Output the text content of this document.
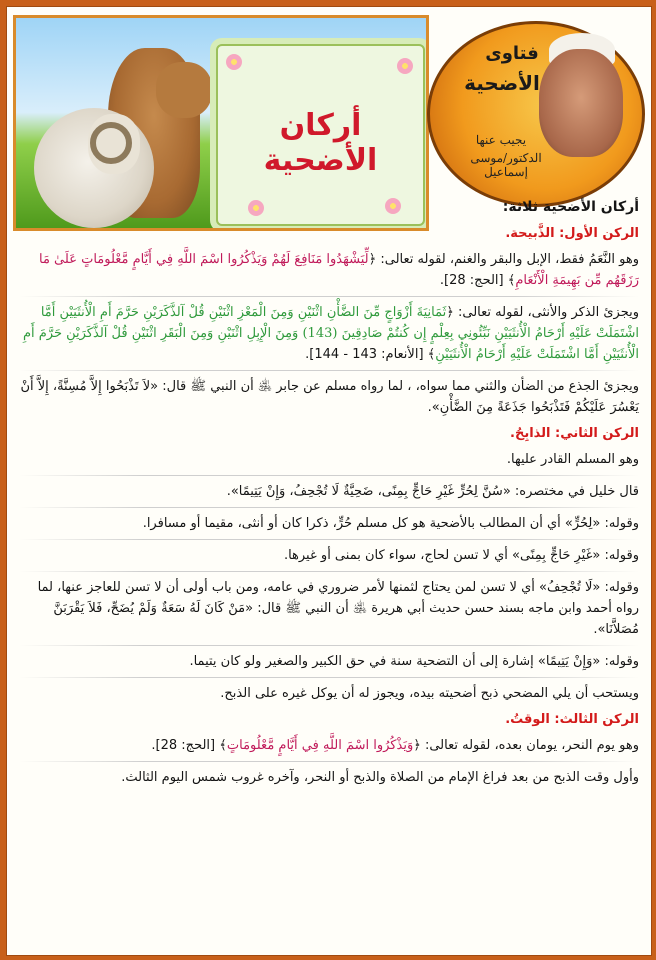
أركان الأضحية
فتاوى
الأضحية
يجيب عنها
الدكتور/موسى إسماعيل

أركان الأضحية ثلاثة:

الركن الأول: الذَّبيحة.

وهو النَّعَمُ فقط، الإبل والبقر والغنم، لقوله تعالى: ﴿لِّيَشْهَدُوا مَنَافِعَ لَهُمْ وَيَذْكُرُوا اسْمَ اللَّهِ فِي أَيَّامٍ مَّعْلُومَاتٍ عَلَىٰ مَا رَزَقَهُم مِّن بَهِيمَةِ الْأَنْعَامِ﴾ [الحج: 28].

ويجزئ الذكر والأنثى، لقوله تعالى: ﴿ثَمَانِيَةَ أَزْوَاجٍ مِّنَ الضَّأْنِ اثْنَيْنِ وَمِنَ الْمَعْزِ اثْنَيْنِ قُلْ آلذَّكَرَيْنِ حَرَّمَ أَمِ الْأُنثَيَيْنِ أَمَّا اشْتَمَلَتْ عَلَيْهِ أَرْحَامُ الْأُنثَيَيْنِ نَبِّئُونِي بِعِلْمٍ إِن كُنتُمْ صَادِقِينَ (143) وَمِنَ الْإِبِلِ اثْنَيْنِ وَمِنَ الْبَقَرِ اثْنَيْنِ قُلْ آلذَّكَرَيْنِ حَرَّمَ أَمِ الْأُنثَيَيْنِ أَمَّا اشْتَمَلَتْ عَلَيْهِ أَرْحَامُ الْأُنثَيَيْنِ﴾ [الأنعام: 143 - 144].

ويجزئ الجذع من الضأن والثني مما سواه، ، لما رواه مسلم عن جابر ﵁ أن النبي ﷺ قال: «لاَ تَذْبَحُوا إِلاَّ مُسِنَّةً، إِلاَّ أَنْ يَعْسُرَ عَلَيْكُمْ فَتَذْبَحُوا جَذَعَةً مِنَ الضَّأْنِ».

الركن الثاني: الذابِحُ.

وهو المسلم القادر عليها.

قال خليل في مختصره: «سُنَّ لِحُرٍّ غَيْرِ حَاجٍّ بِمِنًى، ضَحِيَّةٌ لَا تُجْحِفُ، وَإِنْ يَتِيمًا».

وقوله: «لِحُرٍّ» أي أن المطالب بالأضحية هو كل مسلم حُرٍّ، ذكرا كان أو أنثى، مقيما أو مسافرا.

وقوله: «غَيْرِ حَاجٍّ بِمِنًى» أي لا تسن لحاج، سواء كان بمنى أو غيرها.

وقوله: «لَا تُجْحِفُ» أي لا تسن لمن يحتاج لثمنها لأمر ضروري في عامه، ومن باب أولى أن لا تسن للعاجز عنها، لما رواه أحمد وابن ماجه بسند حسن حديث أبي هريرة ﵁ أن النبي ﷺ قال: «مَنْ كَانَ لَهُ سَعَةٌ وَلَمْ يُضَحِّ، فَلاَ يَقْرَبَنَّ مُصَلاَّنَا».

وقوله: «وَإِنْ يَتِيمًا» إشارة إلى أن التضحية سنة في حق الكبير والصغير ولو كان يتيما.

ويستحب أن يلي المضحي ذبح أضحيته بيده، ويجوز له أن يوكل غيره على الذبح.

الركن الثالث: الوقتُ.

وهو يوم النحر، يومان بعده، لقوله تعالى: ﴿وَيَذْكُرُوا اسْمَ اللَّهِ فِي أَيَّامٍ مَّعْلُومَاتٍ﴾ [الحج: 28].

وأول وقت الذبح من بعد فراغ الإمام من الصلاة والذبح أو النحر، وآخره غروب شمس اليوم الثالث.
